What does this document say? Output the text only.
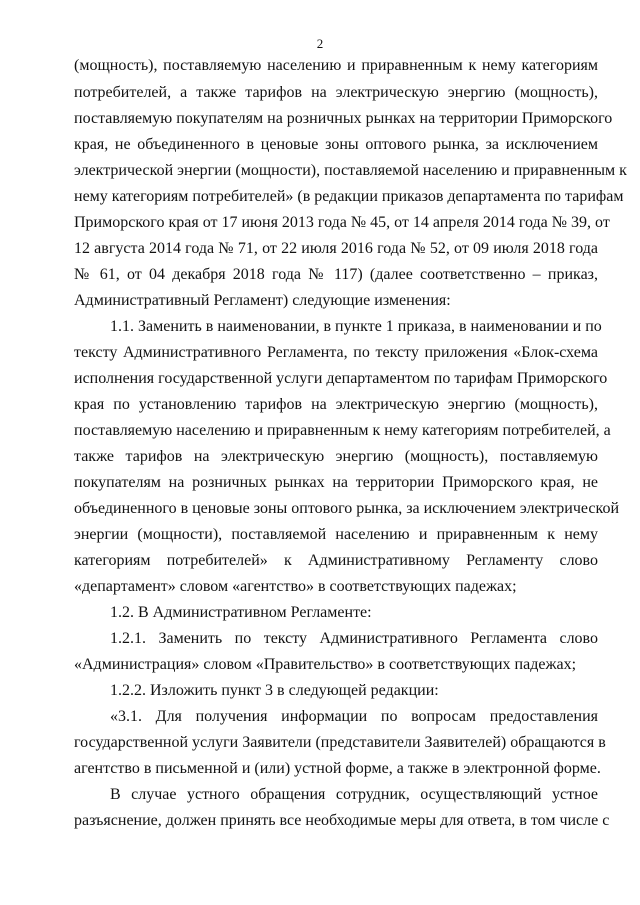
2
(мощность), поставляемую населению и приравненным к нему категориям
потребителей, а также тарифов на электрическую энергию (мощность),
поставляемую покупателям на розничных рынках на территории Приморского
края, не объединенного в ценовые зоны оптового рынка, за исключением
электрической энергии (мощности), поставляемой населению и приравненным к
нему категориям потребителей» (в редакции приказов департамента по тарифам
Приморского края от 17 июня 2013 года № 45, от 14 апреля 2014 года № 39, от
12 августа 2014 года № 71, от 22 июля 2016 года № 52, от 09 июля 2018 года
№ 61, от 04 декабря 2018 года № 117) (далее соответственно – приказ,
Административный Регламент) следующие изменения:
1.1. Заменить в наименовании, в пункте 1 приказа, в наименовании и по
тексту Административного Регламента, по тексту приложения «Блок-схема
исполнения государственной услуги департаментом по тарифам Приморского
края по установлению тарифов на электрическую энергию (мощность),
поставляемую населению и приравненным к нему категориям потребителей, а
также тарифов на электрическую энергию (мощность), поставляемую
покупателям на розничных рынках на территории Приморского края, не
объединенного в ценовые зоны оптового рынка, за исключением электрической
энергии (мощности), поставляемой населению и приравненным к нему
категориям потребителей» к Административному Регламенту слово
«департамент» словом «агентство» в соответствующих падежах;
1.2. В Административном Регламенте:
1.2.1. Заменить по тексту Административного Регламента слово
«Администрация» словом «Правительство» в соответствующих падежах;
1.2.2. Изложить пункт 3 в следующей редакции:
«3.1. Для получения информации по вопросам предоставления
государственной услуги Заявители (представители Заявителей) обращаются в
агентство в письменной и (или) устной форме, а также в электронной форме.
В случае устного обращения сотрудник, осуществляющий устное
разъяснение, должен принять все необходимые меры для ответа, в том числе с
